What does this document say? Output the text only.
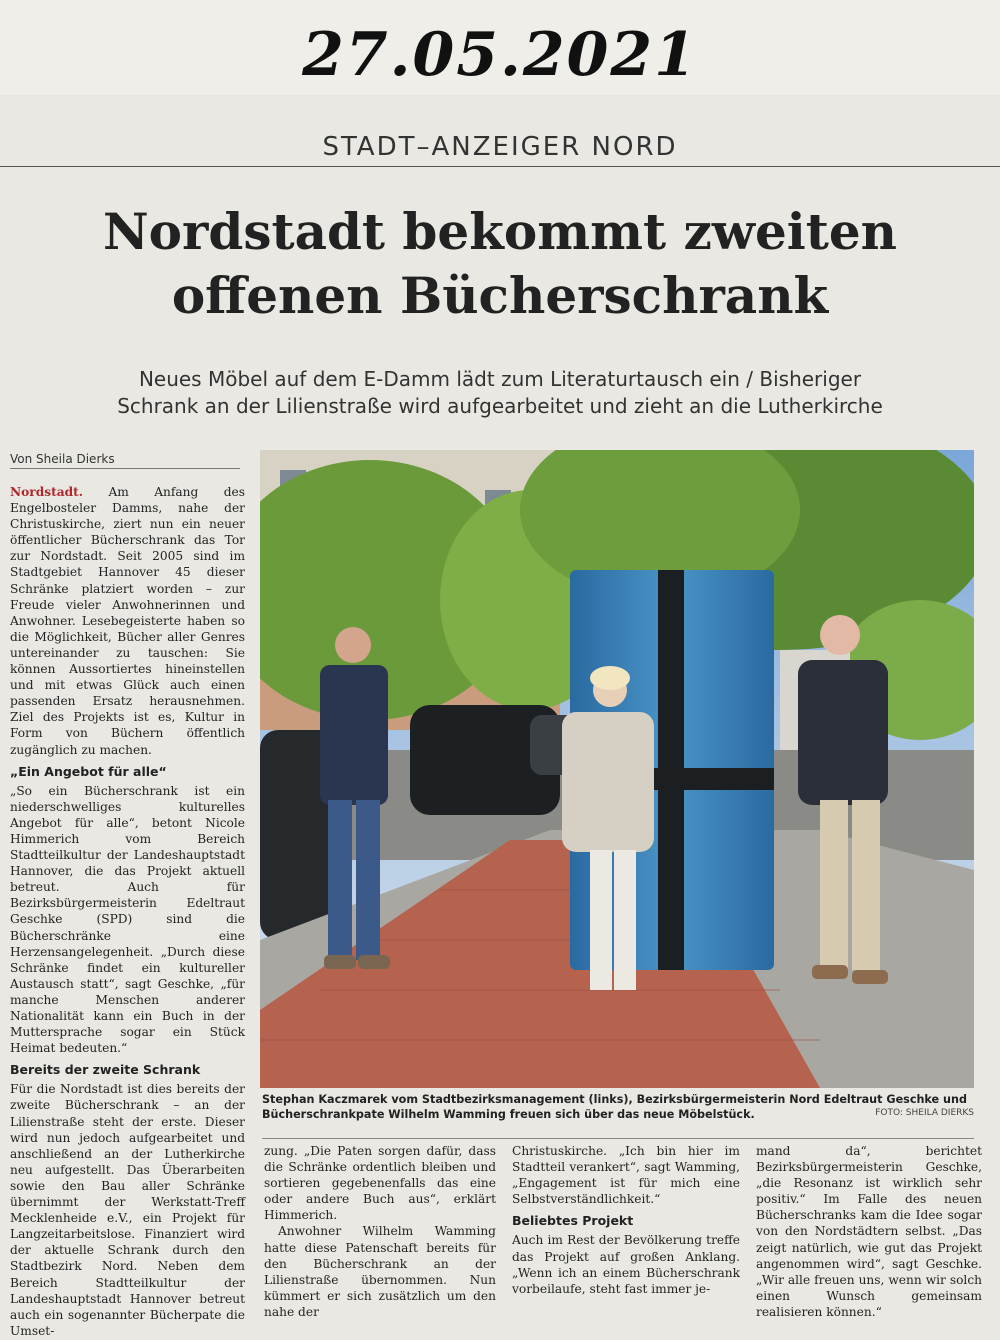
27.05.2021
STADT–ANZEIGER NORD
Nordstadt bekommt zweiten
offenen Bücherschrank
Neues Möbel auf dem E-Damm lädt zum Literaturtausch ein / Bisheriger
Schrank an der Lilienstraße wird aufgearbeitet und zieht an die Lutherkirche
Von Sheila Dierks

Nordstadt. Am Anfang des Engelbosteler Damms, nahe der Christuskirche, ziert nun ein neuer öffentlicher Bücherschrank das Tor zur Nordstadt. Seit 2005 sind im Stadtgebiet Hannover 45 dieser Schränke platziert worden – zur Freude vieler Anwohnerinnen und Anwohner. Lesebegeisterte haben so die Möglichkeit, Bücher aller Genres untereinander zu tauschen: Sie können Aussortiertes hineinstellen und mit etwas Glück auch einen passenden Ersatz herausnehmen. Ziel des Projekts ist es, Kultur in Form von Büchern öffentlich zugänglich zu machen.

„Ein Angebot für alle“

„So ein Bücherschrank ist ein niederschwelliges kulturelles Angebot für alle“, betont Nicole Himmerich vom Bereich Stadtteilkultur der Landeshauptstadt Hannover, die das Projekt aktuell betreut. Auch für Bezirksbürgermeisterin Edeltraut Geschke (SPD) sind die Bücherschränke eine Herzensangelegenheit. „Durch diese Schränke findet ein kultureller Austausch statt“, sagt Geschke, „für manche Menschen anderer Nationalität kann ein Buch in der Muttersprache sogar ein Stück Heimat bedeuten.“

Bereits der zweite Schrank

Für die Nordstadt ist dies bereits der zweite Bücherschrank – an der Lilienstraße steht der erste. Dieser wird nun jedoch aufgearbeitet und anschließend an der Lutherkirche neu aufgestellt. Das Überarbeiten sowie den Bau aller Schränke übernimmt der Werkstatt-Treff Mecklenheide e.V., ein Projekt für Langzeitarbeitslose. Finanziert wird der aktuelle Schrank durch den Stadtbezirk Nord. Neben dem Bereich Stadtteilkultur der Landeshauptstadt Hannover betreut auch ein sogenannter Bücherpate die Umset-

Stephan Kaczmarek vom Stadtbezirksmanagement (links), Bezirksbürgermeisterin Nord Edeltraut Geschke und Bücherschrankpate Wilhelm Wamming freuen sich über das neue Möbelstück.	FOTO: SHEILA DIERKS

zung. „Die Paten sorgen dafür, dass die Schränke ordentlich bleiben und sortieren gegebenenfalls das eine oder andere Buch aus“, erklärt Himmerich.

Anwohner Wilhelm Wamming hatte diese Patenschaft bereits für den Bücherschrank an der Lilienstraße übernommen. Nun kümmert er sich zusätzlich um den nahe der

Christuskirche. „Ich bin hier im Stadtteil verankert“, sagt Wamming, „Engagement ist für mich eine Selbstverständlichkeit.“

Beliebtes Projekt

Auch im Rest der Bevölkerung treffe das Projekt auf großen Anklang. „Wenn ich an einem Bücherschrank vorbeilaufe, steht fast immer je-

mand da“, berichtet Bezirksbürgermeisterin Geschke, „die Resonanz ist wirklich sehr positiv.“ Im Falle des neuen Bücherschranks kam die Idee sogar von den Nordstädtern selbst. „Das zeigt natürlich, wie gut das Projekt angenommen wird“, sagt Geschke. „Wir alle freuen uns, wenn wir solch einen Wunsch gemeinsam realisieren können.“
